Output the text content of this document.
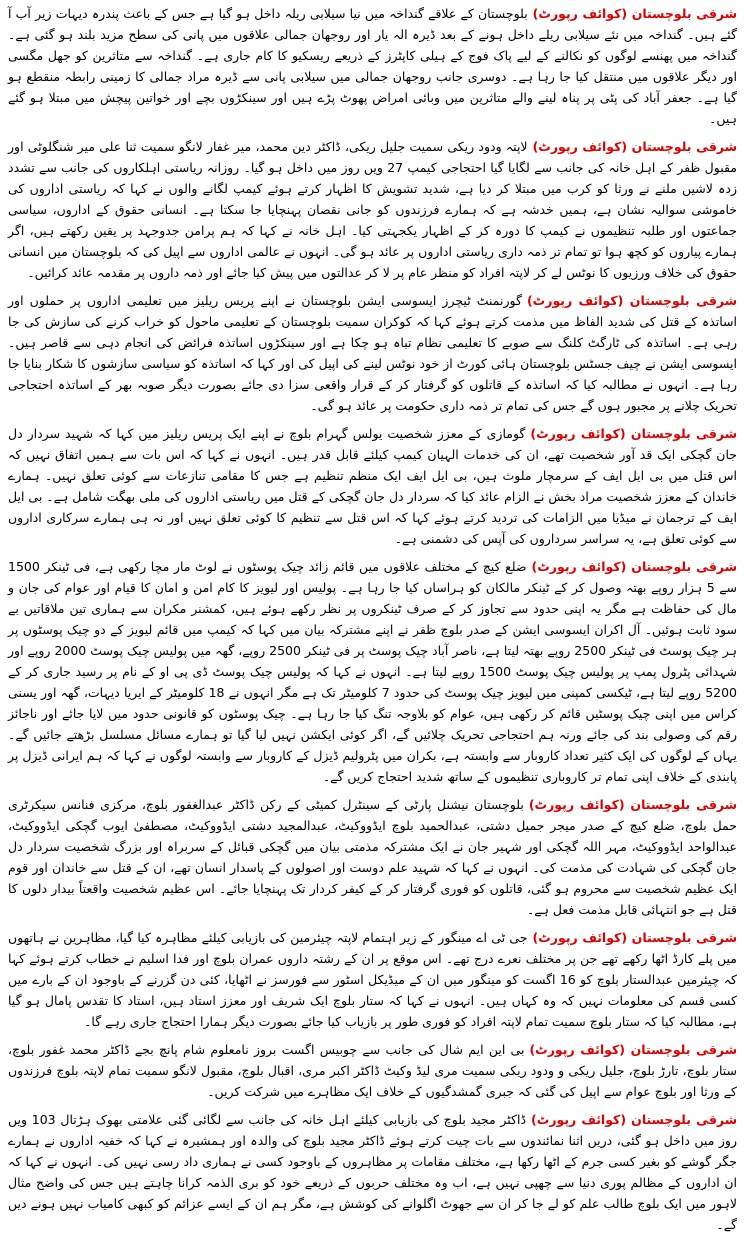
شرقی بلوچستان (کوائف رپورٹ)بلوچستان کے علاقے گنداخہ میں نیا سیلابی ریلہ داخل ہو گیا ہے جس کے باعث پندرہ دیہات زیر آب آ گئے ہیں۔ گنداخہ میں نئے سیلابی ریلے داخل ہونے کے بعد ڈیرہ الہ یار اور روجھان جمالی علاقوں میں پانی کی سطح مزید بلند ہو گئی ہے۔ گنداخہ میں پھنسے لوگوں کو نکالنے کے لیے پاک فوج کے ہیلی کاپٹرز کے ذریعے ریسکیو کا کام جاری ہے۔ گنداخہ سے متاثرین کو جھل مگسی اور دیگر علاقوں میں منتقل کیا جا رہا ہے۔ دوسری جانب روجھان جمالی میں سیلابی پانی سے ڈیرہ مراد جمالی کا زمینی رابطہ منقطع ہو گیا ہے۔ جعفر آباد کی پٹی پر پناہ لینے والے متاثرین میں وبائی امراض پھوٹ پڑے ہیں اور سینکڑوں بچے اور خواتین پیچش میں مبتلا ہو گئے ہیں۔

شرقی بلوچستان (کوائف رپورٹ)لاپتہ ودود ریکی سمیت جلیل ریکی، ڈاکٹر دین محمد، میر غفار لانگو سمیت ثنا علی میر شنگلوٹی اور مقبول ظفر کے اہل خانہ کی جانب سے لگایا گیا احتجاجی کیمپ 27 ویں روز میں داخل ہو گیا۔ روزانہ ریاستی اہلکاروں کی جانب سے تشدد زدہ لاشیں ملنے نے ورثا کو کرب میں مبتلا کر دیا ہے، شدید تشویش کا اظہار کرتے ہوئے کیمپ لگانے والوں نے کہا کہ ریاستی اداروں کی خاموشی سوالیہ نشان ہے، ہمیں خدشہ ہے کہ ہمارے فرزندوں کو جانی نقصان پہنچایا جا سکتا ہے۔ انسانی حقوق کے اداروں، سیاسی جماعتوں اور طلبہ تنظیموں نے کیمپ کا دورہ کر کے اظہار یکجہتی کیا۔ اہل خانہ نے کہا کہ ہم پرامن جدوجہد پر یقین رکھتے ہیں، اگر ہمارے پیاروں کو کچھ ہوا تو تمام تر ذمہ داری ریاستی اداروں پر عائد ہو گی۔ انہوں نے عالمی اداروں سے اپیل کی کہ بلوچستان میں انسانی حقوق کی خلاف ورزیوں کا نوٹس لے کر لاپتہ افراد کو منظر عام پر لا کر عدالتوں میں پیش کیا جائے اور ذمہ داروں پر مقدمہ عائد کرائیں۔

شرقی بلوچستان (کوائف رپورٹ)گورنمنٹ ٹیچرز ایسوسی ایشن بلوچستان نے اپنے پریس ریلیز میں تعلیمی اداروں پر حملوں اور اساتذہ کے قتل کی شدید الفاظ میں مذمت کرتے ہوئے کہا کہ کوکران سمیت بلوچستان کے تعلیمی ماحول کو خراب کرنے کی سازش کی جا رہی ہے۔ اساتذہ کی ٹارگٹ کلنگ سے صوبے کا تعلیمی نظام تباہ ہو چکا ہے اور سینکڑوں اساتذہ فرائض کی انجام دہی سے قاصر ہیں۔ ایسوسی ایشن نے چیف جسٹس بلوچستان ہائی کورٹ از خود نوٹس لینے کی اپیل کی اور کہا کہ اساتذہ کو سیاسی سازشوں کا شکار بنایا جا رہا ہے۔ انہوں نے مطالبہ کیا کہ اساتذہ کے قاتلوں کو گرفتار کر کے قرار واقعی سزا دی جائے بصورت دیگر صوبہ بھر کے اساتذہ احتجاجی تحریک چلانے پر مجبور ہوں گے جس کی تمام تر ذمہ داری حکومت پر عائد ہو گی۔

شرقی بلوچستان (کوائف رپورٹ)گومازی کے معزز شخصیت یولس گہرام بلوچ نے اپنے ایک پریس ریلیز میں کہا کہ شہید سردار دل جان گچکی ایک قد آور شخصیت تھے، ان کی خدمات الہیان کیمپ کیلئے قابل قدر ہیں۔ انہوں نے کہا کہ اس بات سے ہمیں اتفاق نہیں کہ اس قتل میں بی ایل ایف کے سرمچار ملوث ہیں، بی ایل ایف ایک منظم تنظیم ہے جس کا مقامی تنازعات سے کوئی تعلق نہیں۔ ہمارے خاندان کے معزز شخصیت مراد بخش نے الزام عائد کیا کہ سردار دل جان گچکی کے قتل میں ریاستی اداروں کی ملی بھگت شامل ہے۔ بی ایل ایف کے ترجمان نے میڈیا میں الزامات کی تردید کرتے ہوئے کہا کہ اس قتل سے تنظیم کا کوئی تعلق نہیں اور نہ ہی ہمارے سرکاری اداروں سے کوئی تعلق ہے، یہ سراسر سرداروں کی آپس کی دشمنی ہے۔

شرقی بلوچستان (کوائف رپورٹ)ضلع کیچ کے مختلف علاقوں میں قائم زائد چیک پوسٹوں نے لوٹ مار مچا رکھی ہے، فی ٹینکر 1500 سے 5 ہزار روپے بھتہ وصول کر کے ٹینکر مالکان کو ہراساں کیا جا رہا ہے۔ پولیس اور لیویز کا کام امن و امان کا قیام اور عوام کی جان و مال کی حفاظت ہے مگر یہ اپنی حدود سے تجاوز کر کے صرف ٹینکروں پر نظر رکھے ہوئے ہیں، کمشنر مکران سے ہماری تین ملاقاتیں بے سود ثابت ہوئیں۔ آل اکران ایسوسی ایشن کے صدر بلوچ ظفر نے اپنے مشترکہ بیان میں کہا کہ کیمپ میں قائم لیویز کے دو چیک پوسٹوں پر ہر چیک پوسٹ فی ٹینکر 2500 روپے بھتہ لیتا ہے، ناصر آباد چیک پوسٹ پر فی ٹینکر 2500 روپے، گھہ میں پولیس چیک پوسٹ 2000 روپے اور شہدائی پٹرول پمپ پر پولیس چیک پوسٹ 1500 روپے لیتا ہے۔ انہوں نے کہا کہ پولیس چیک پوسٹ ڈی پی او کے نام پر رسید جاری کر کے 5200 روپے لیتا ہے، ٹیکسی کمپنی میں لیویز چیک پوسٹ کی حدود 7 کلومیٹر تک ہے مگر انہوں نے 18 کلومیٹر کے ایریا دیہات، گھہ اور یسنی کراس میں اپنی چیک پوسٹیں قائم کر رکھی ہیں، عوام کو بلاوجہ تنگ کیا جا رہا ہے۔ چیک پوسٹوں کو قانونی حدود میں لایا جائے اور ناجائز رقم کی وصولی بند کی جائے ورنہ ہم احتجاجی تحریک چلائیں گے، اگر کوئی ایکشن نہیں لیا گیا تو ہمارے مسائل مسلسل بڑھتے جائیں گے۔ یہاں کے لوگوں کی ایک کثیر تعداد کاروبار سے وابستہ ہے، بکران میں پٹرولیم ڈیزل کے کاروبار سے وابستہ لوگوں نے کہا کہ ہم ایرانی ڈیزل پر پابندی کے خلاف اپنی تمام تر کاروباری تنظیموں کے ساتھ شدید احتجاج کریں گے۔

شرقی بلوچستان (کوائف رپورٹ)بلوچستان نیشنل پارٹی کے سینٹرل کمیٹی کے رکن ڈاکٹر عبدالغفور بلوچ، مرکزی فنانس سیکرٹری حمل بلوچ، ضلع کیچ کے صدر میجر جمیل دشتی، عبدالحمید بلوچ ایڈووکیٹ، عبدالمجید دشتی ایڈووکیٹ، مصطفیٰ ایوب گچکی ایڈووکیٹ، عبدالواحد ایڈووکیٹ، مہر اللہ گچکی اور شہیر جان نے ایک مشترکہ مذمتی بیان میں گچکی قبائل کے سربراہ اور بزرگ شخصیت سردار دل جان گچکی کی شہادت کی مذمت کی۔ انہوں نے کہا کہ شہید علم دوست اور اصولوں کے پاسدار انسان تھے، ان کے قتل سے خاندان اور قوم ایک عظیم شخصیت سے محروم ہو گئی، قاتلوں کو فوری گرفتار کر کے کیفر کردار تک پہنچایا جائے۔ اس عظیم شخصیت واقعتاً بیدار دلوں کا قتل ہے جو انتہائی قابل مذمت فعل ہے۔

شرقی بلوچستان (کوائف رپورٹ)جی ٹی اے مینگور کے زیر اہتمام لاپتہ چیئرمین کی بازیابی کیلئے مظاہرہ کیا گیا، مظاہرین نے ہاتھوں میں پلے کارڈ اٹھا رکھے تھے جن پر مختلف نعرے درج تھے۔ اس موقع پر ان کے رشتہ داروں عمران بلوچ اور فدا اسلیم نے خطاب کرتے ہوئے کہا کہ چیئرمین عبدالستار بلوچ کو 16 اگست کو مینگور میں ان کے میڈیکل اسٹور سے فورسز نے اٹھایا، کئی دن گزرنے کے باوجود ان کے بارے میں کسی قسم کی معلومات نہیں کہ وہ کہاں ہیں۔ انہوں نے کہا کہ ستار بلوچ ایک شریف اور معزز استاد ہیں، استاد کا تقدس پامال ہو گیا ہے، مطالبہ کیا کہ ستار بلوچ سمیت تمام لاپتہ افراد کو فوری طور پر بازیاب کیا جائے بصورت دیگر ہمارا احتجاج جاری رہے گا۔

شرقی بلوچستان (کوائف رپورٹ)بی این ایم شال کی جانب سے چوبیس اگست بروز نامعلوم شام پانچ بجے ڈاکٹر محمد غفور بلوچ، ستار بلوچ، تارڑ بلوچ، جلیل ریکی و ودود ریکی سمیت مری لیڈ وکیٹ ڈاکٹر اکبر مری، اقبال بلوچ، مقبول لانگو سمیت تمام لاپتہ بلوچ فرزندوں کے ورثا اور بلوچ عوام سے اپیل کی گئی کہ جبری گمشدگیوں کے خلاف ایک مظاہرے میں شرکت کریں۔

شرقی بلوچستان (کوائف رپورٹ)ڈاکٹر مجید بلوچ کی بازیابی کیلئے اہل خانہ کی جانب سے لگائی گئی علامتی بھوک ہڑتال 103 ویں روز میں داخل ہو گئی، دریں اثنا نمائندوں سے بات چیت کرتے ہوئے ڈاکٹر مجید بلوچ کی والدہ اور ہمشیرہ نے کہا کہ خفیہ اداروں نے ہمارے جگر گوشے کو بغیر کسی جرم کے اٹھا رکھا ہے، مختلف مقامات پر مظاہروں کے باوجود کسی نے ہماری داد رسی نہیں کی۔ انہوں نے کہا کہ ان اداروں کے مظالم پوری دنیا سے چھپی نہیں ہے، اب وہ مختلف حربوں کے ذریعے خود کو بری الذمہ کرانا چاہتے ہیں جس کی واضح مثال لاہور میں ایک بلوچ طالب علم کو لے جا کر ان سے جھوٹ اگلوانے کی کوشش ہے، مگر ہم ان کے ایسے عزائم کو کبھی کامیاب نہیں ہونے دیں گے۔
